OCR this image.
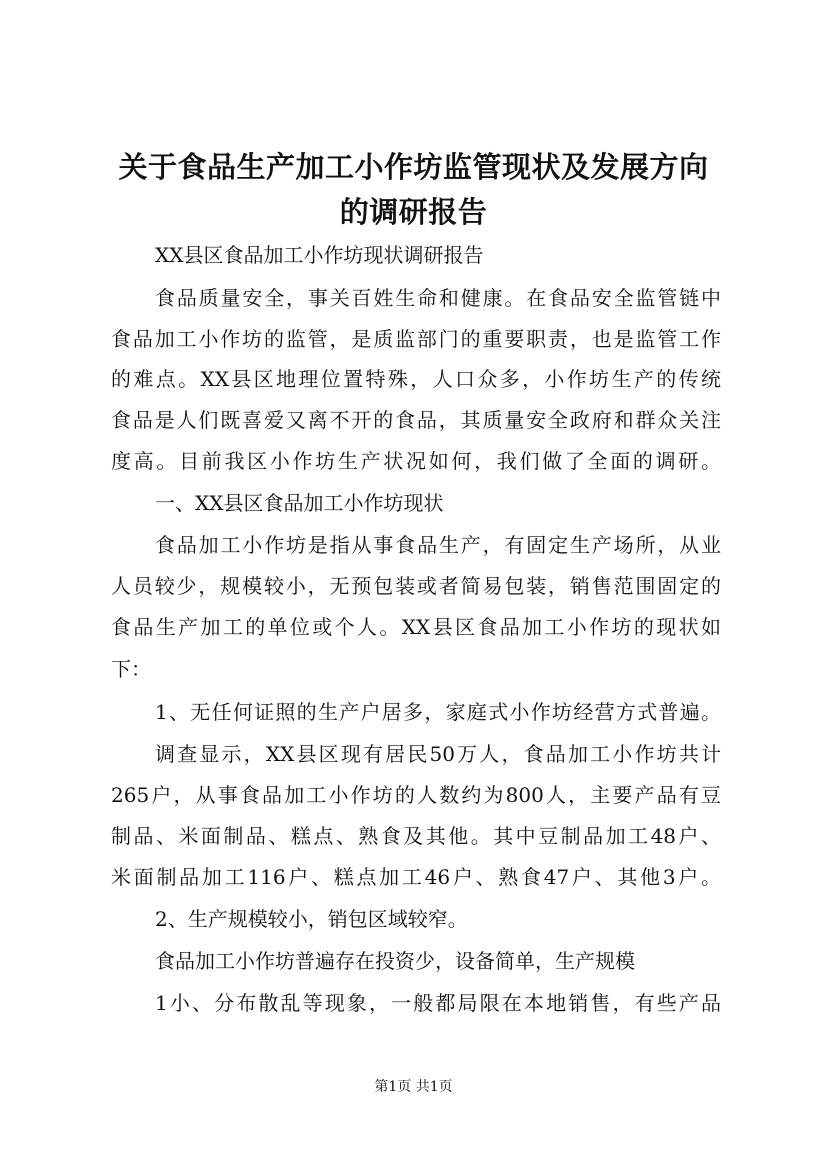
关于食品生产加工小作坊监管现状及发展方向
的调研报告
XX县区食品加工小作坊现状调研报告
食品质量安全，事关百姓生命和健康。在食品安全监管链中
食品加工小作坊的监管，是质监部门的重要职责，也是监管工作
的难点。XX县区地理位置特殊，人口众多，小作坊生产的传统
食品是人们既喜爱又离不开的食品，其质量安全政府和群众关注
度高。目前我区小作坊生产状况如何，我们做了全面的调研。
一、XX县区食品加工小作坊现状
食品加工小作坊是指从事食品生产，有固定生产场所，从业
人员较少，规模较小，无预包装或者简易包装，销售范围固定的
食品生产加工的单位或个人。XX县区食品加工小作坊的现状如
下：
1、无任何证照的生产户居多，家庭式小作坊经营方式普遍。
调查显示，XX县区现有居民50万人，食品加工小作坊共计
265户，从事食品加工小作坊的人数约为800人，主要产品有豆
制品、米面制品、糕点、熟食及其他。其中豆制品加工48户、
米面制品加工116户、糕点加工46户、熟食47户、其他3户。
2、生产规模较小，销包区域较窄。
食品加工小作坊普遍存在投资少，设备简单，生产规模
1小、分布散乱等现象，一般都局限在本地销售，有些产品
第1页 共1页
